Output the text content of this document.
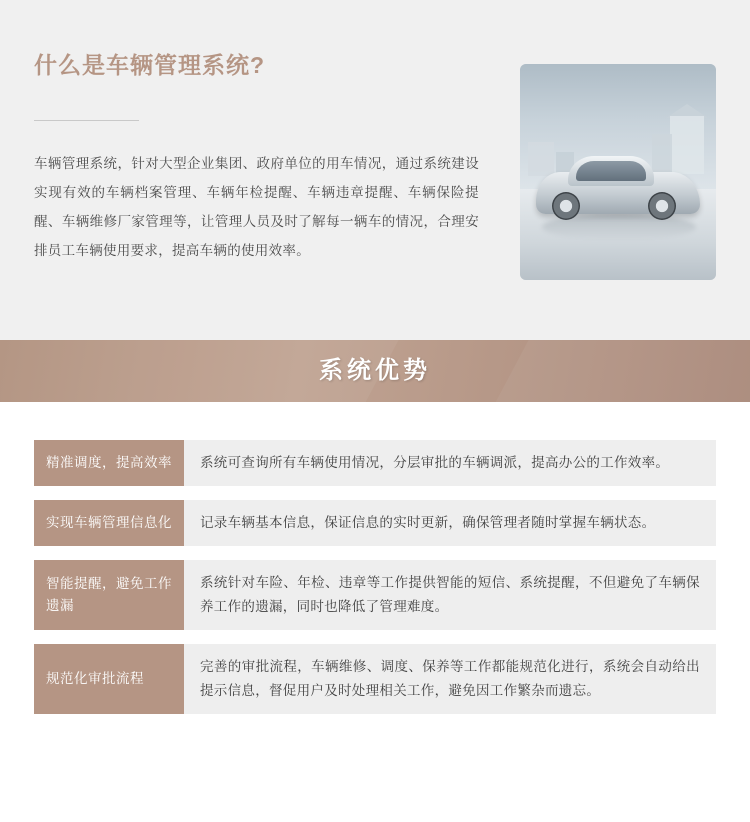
什么是车辆管理系统?

车辆管理系统，针对大型企业集团、政府单位的用车情况，通过系统建设实现有效的车辆档案管理、车辆年检提醒、车辆违章提醒、车辆保险提醒、车辆维修厂家管理等，让管理人员及时了解每一辆车的情况，合理安排员工车辆使用要求，提高车辆的使用效率。

系统优势
精准调度，提高效率	系统可查询所有车辆使用情况，分层审批的车辆调派，提高办公的工作效率。
实现车辆管理信息化	记录车辆基本信息，保证信息的实时更新，确保管理者随时掌握车辆状态。
智能提醒，避免工作遗漏
系统针对车险、年检、违章等工作提供智能的短信、系统提醒，不但避免了车辆保养工作的遗漏，同时也降低了管理难度。
规范化审批流程
完善的审批流程，车辆维修、调度、保养等工作都能规范化进行，系统会自动给出提示信息，督促用户及时处理相关工作，避免因工作繁杂而遗忘。
